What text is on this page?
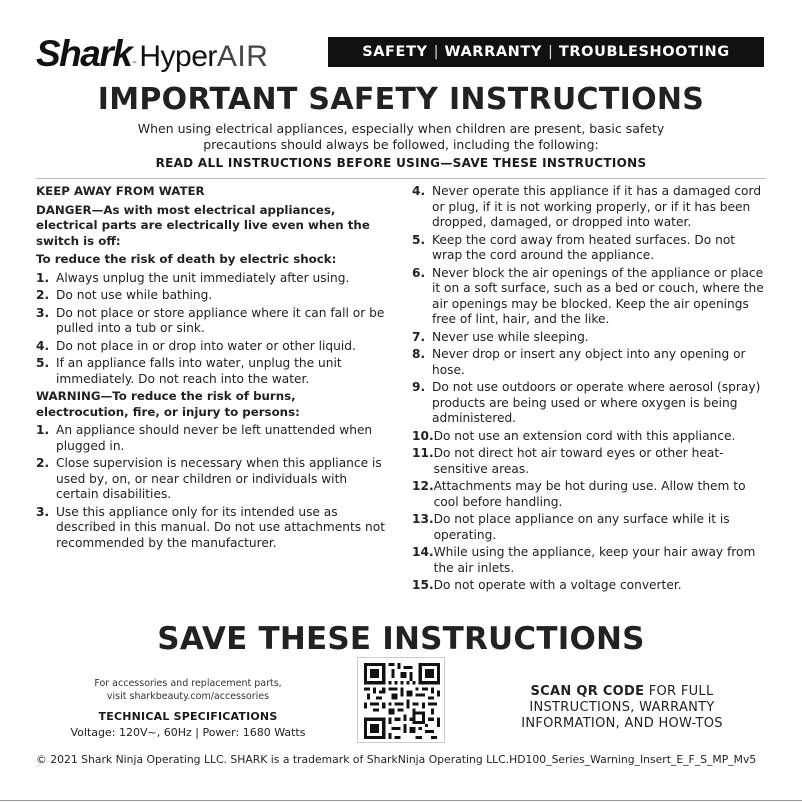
Shark™HyperAIR	SAFETY | WARRANTY | TROUBLESHOOTING
IMPORTANT SAFETY INSTRUCTIONS
When using electrical appliances, especially when children are present, basic safety precautions should always be followed, including the following:
READ ALL INSTRUCTIONS BEFORE USING—SAVE THESE INSTRUCTIONS
KEEP AWAY FROM WATER
DANGER—As with most electrical appliances, electrical parts are electrically live even when the switch is off:
To reduce the risk of death by electric shock:
1. Always unplug the unit immediately after using.
2. Do not use while bathing.
3. Do not place or store appliance where it can fall or be pulled into a tub or sink.
4. Do not place in or drop into water or other liquid.
5. If an appliance falls into water, unplug the unit immediately. Do not reach into the water.
WARNING—To reduce the risk of burns, electrocution, fire, or injury to persons:
1. An appliance should never be left unattended when plugged in.
2. Close supervision is necessary when this appliance is used by, on, or near children or individuals with certain disabilities.
3. Use this appliance only for its intended use as described in this manual. Do not use attachments not recommended by the manufacturer.
4. Never operate this appliance if it has a damaged cord or plug, if it is not working properly, or if it has been dropped, damaged, or dropped into water.
5. Keep the cord away from heated surfaces. Do not wrap the cord around the appliance.
6. Never block the air openings of the appliance or place it on a soft surface, such as a bed or couch, where the air openings may be blocked. Keep the air openings free of lint, hair, and the like.
7. Never use while sleeping.
8. Never drop or insert any object into any opening or hose.
9. Do not use outdoors or operate where aerosol (spray) products are being used or where oxygen is being administered.
10. Do not use an extension cord with this appliance.
11. Do not direct hot air toward eyes or other heat-sensitive areas.
12. Attachments may be hot during use. Allow them to cool before handling.
13. Do not place appliance on any surface while it is operating.
14. While using the appliance, keep your hair away from the air inlets.
15. Do not operate with a voltage converter.
SAVE THESE INSTRUCTIONS
For accessories and replacement parts,
visit sharkbeauty.com/accessories
TECHNICAL SPECIFICATIONS
Voltage: 120V~, 60Hz | Power: 1680 Watts
SCAN QR CODE FOR FULL INSTRUCTIONS, WARRANTY INFORMATION, AND HOW-TOS
© 2021 Shark Ninja Operating LLC. SHARK is a trademark of SharkNinja Operating LLC.HD100_Series_Warning_Insert_E_F_S_MP_Mv5
